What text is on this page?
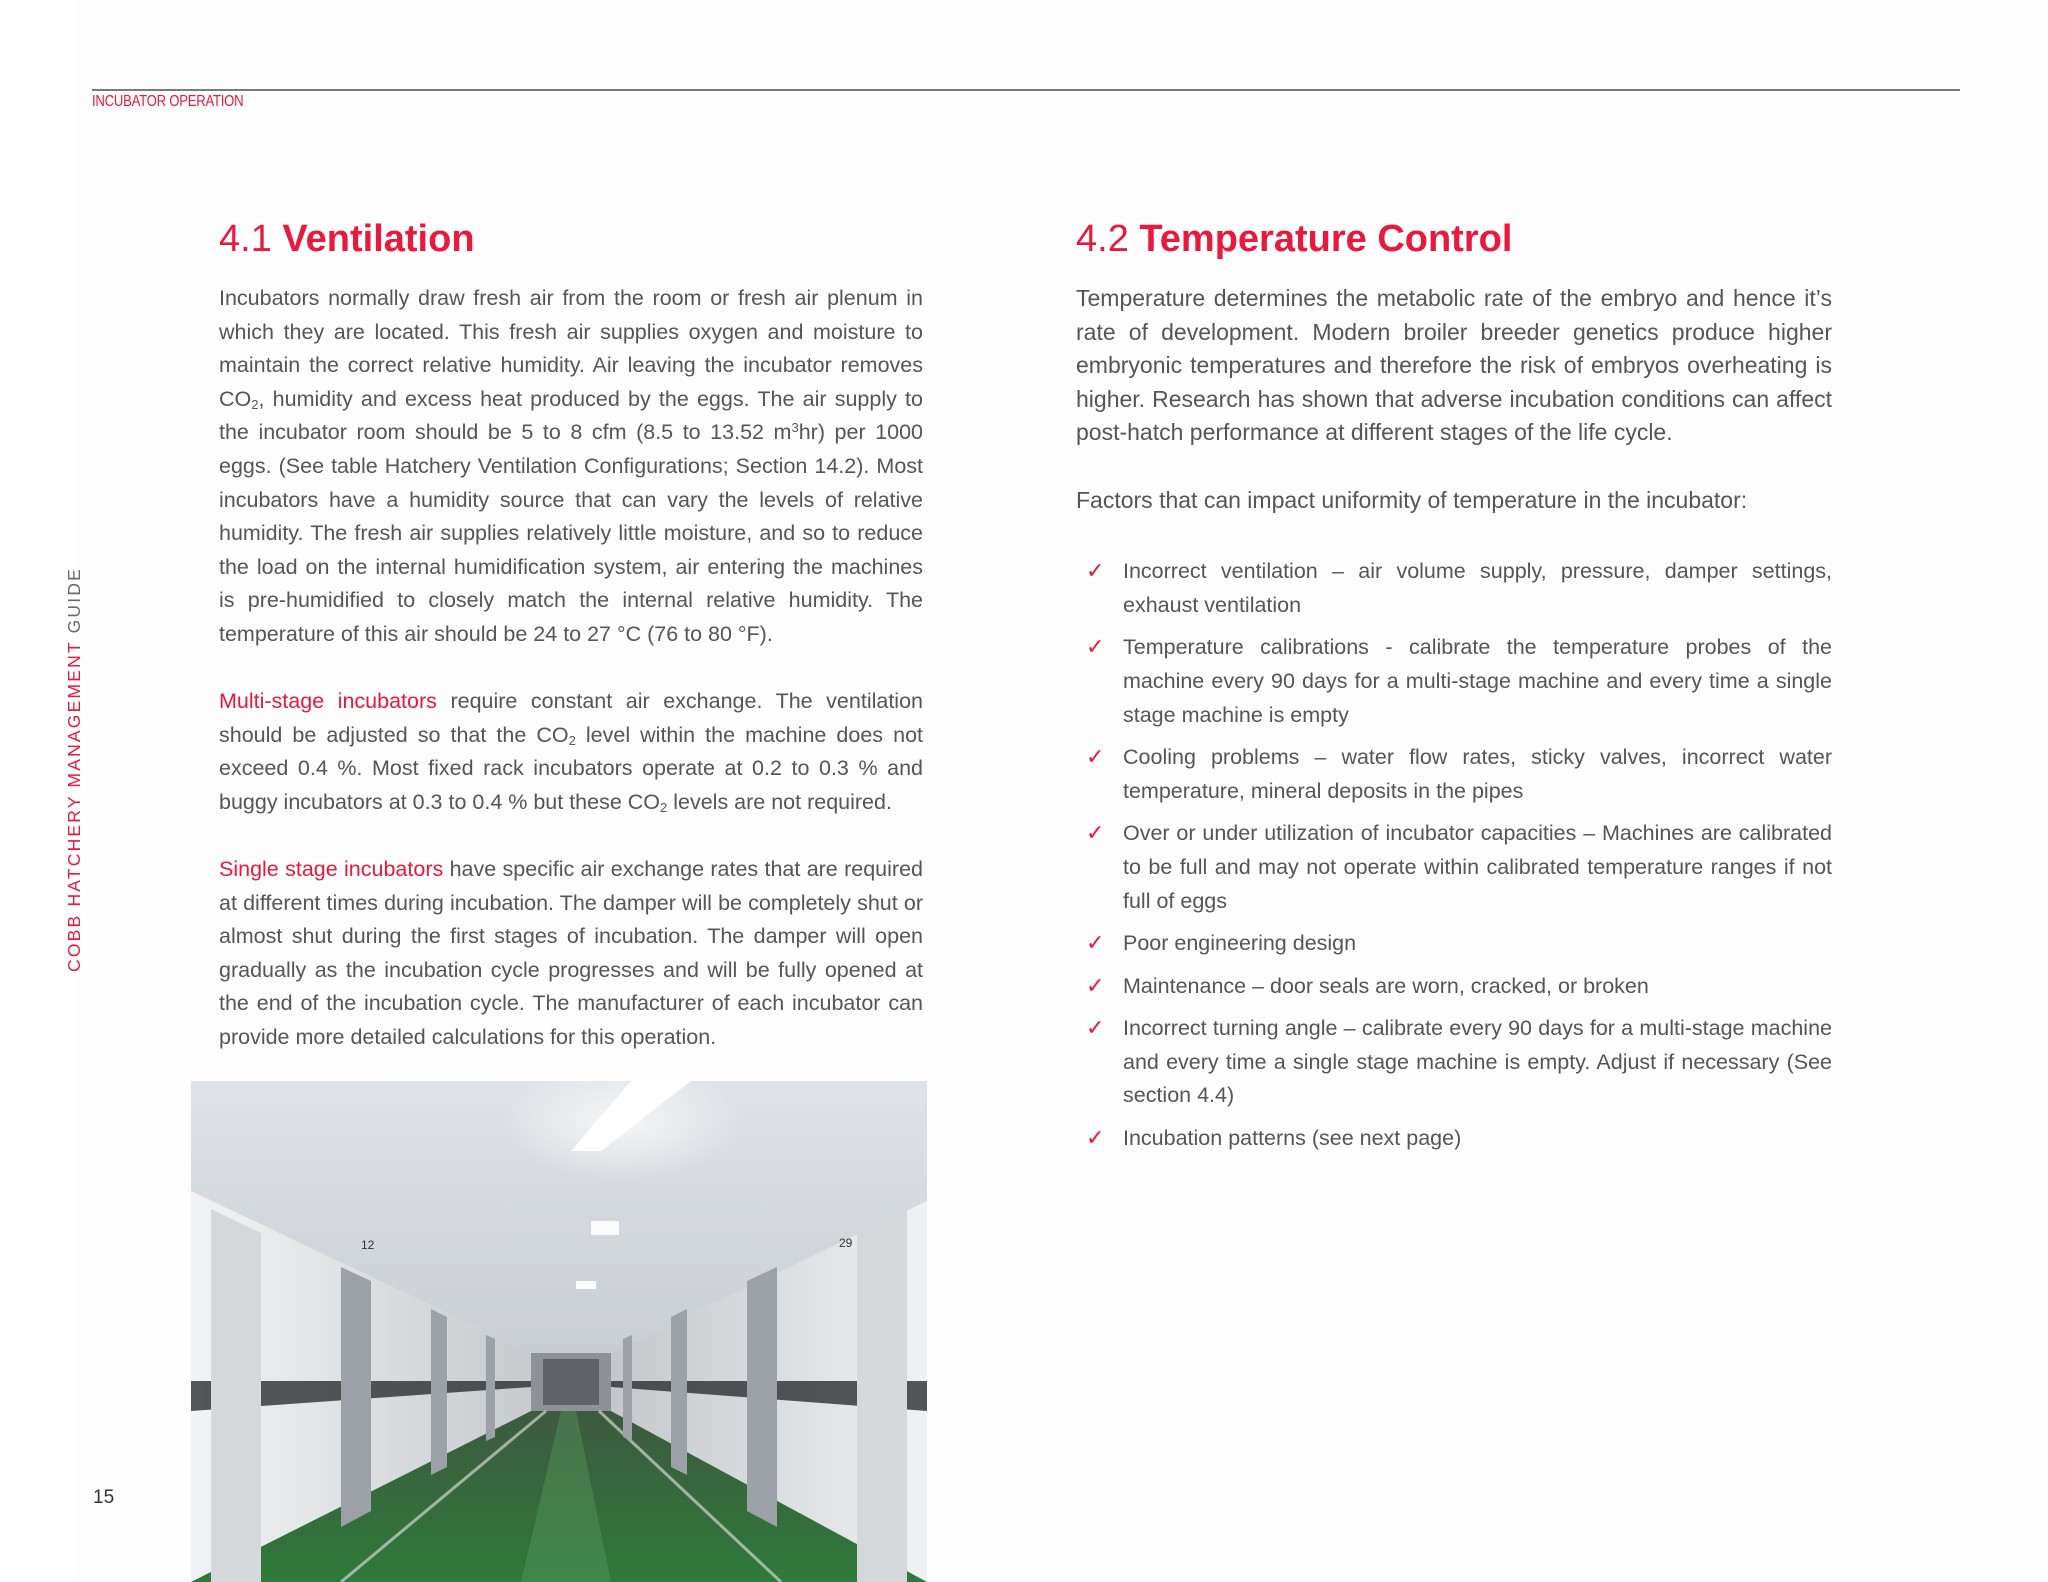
INCUBATOR OPERATION
COBB HATCHERY MANAGEMENT GUIDE
15
4.1 Ventilation

Incubators normally draw fresh air from the room or fresh air plenum in which they are located. This fresh air supplies oxygen and moisture to maintain the correct relative humidity. Air leaving the incubator removes $CO_2$, humidity and excess heat produced by the eggs. The air supply to the incubator room should be 5 to 8 cfm (8.5 to 13.52 $m^3hr$) per 1000 eggs. (See table Hatchery Ventilation Configurations; Section 14.2). Most incubators have a humidity source that can vary the levels of relative humidity. The fresh air supplies relatively little moisture, and so to reduce the load on the internal humidification system, air entering the machines is pre-humidified to closely match the internal relative humidity. The temperature of this air should be 24 to 27 °C (76 to 80 °F).

Multi-stage incubators require constant air exchange. The ventilation should be adjusted so that the $CO_2$ level within the machine does not exceed 0.4 %. Most fixed rack incubators operate at 0.2 to 0.3 % and buggy incubators at 0.3 to 0.4 % but these $CO_2$ levels are not required.

Single stage incubators have specific air exchange rates that are required at different times during incubation. The damper will be completely shut or almost shut during the first stages of incubation. The damper will open gradually as the incubation cycle progresses and will be fully opened at the end of the incubation cycle. The manufacturer of each incubator can provide more detailed calculations for this operation.

4.2 Temperature Control

Temperature determines the metabolic rate of the embryo and hence it’s rate of development. Modern broiler breeder genetics produce higher embryonic temperatures and therefore the risk of embryos overheating is higher. Research has shown that adverse incubation conditions can affect post-hatch performance at different stages of the life cycle.

Factors that can impact uniformity of temperature in the incubator:

✓ Incorrect ventilation – air volume supply, pressure, damper settings, exhaust ventilation
✓ Temperature calibrations - calibrate the temperature probes of the machine every 90 days for a multi-stage machine and every time a single stage machine is empty
✓ Cooling problems – water flow rates, sticky valves, incorrect water temperature, mineral deposits in the pipes
✓ Over or under utilization of incubator capacities – Machines are calibrated to be full and may not operate within calibrated temperature ranges if not full of eggs
✓ Poor engineering design
✓ Maintenance – door seals are worn, cracked, or broken
✓ Incorrect turning angle – calibrate every 90 days for a multi-stage machine and every time a single stage machine is empty. Adjust if necessary (See section 4.4)
✓ Incubation patterns (see next page)
12	29
